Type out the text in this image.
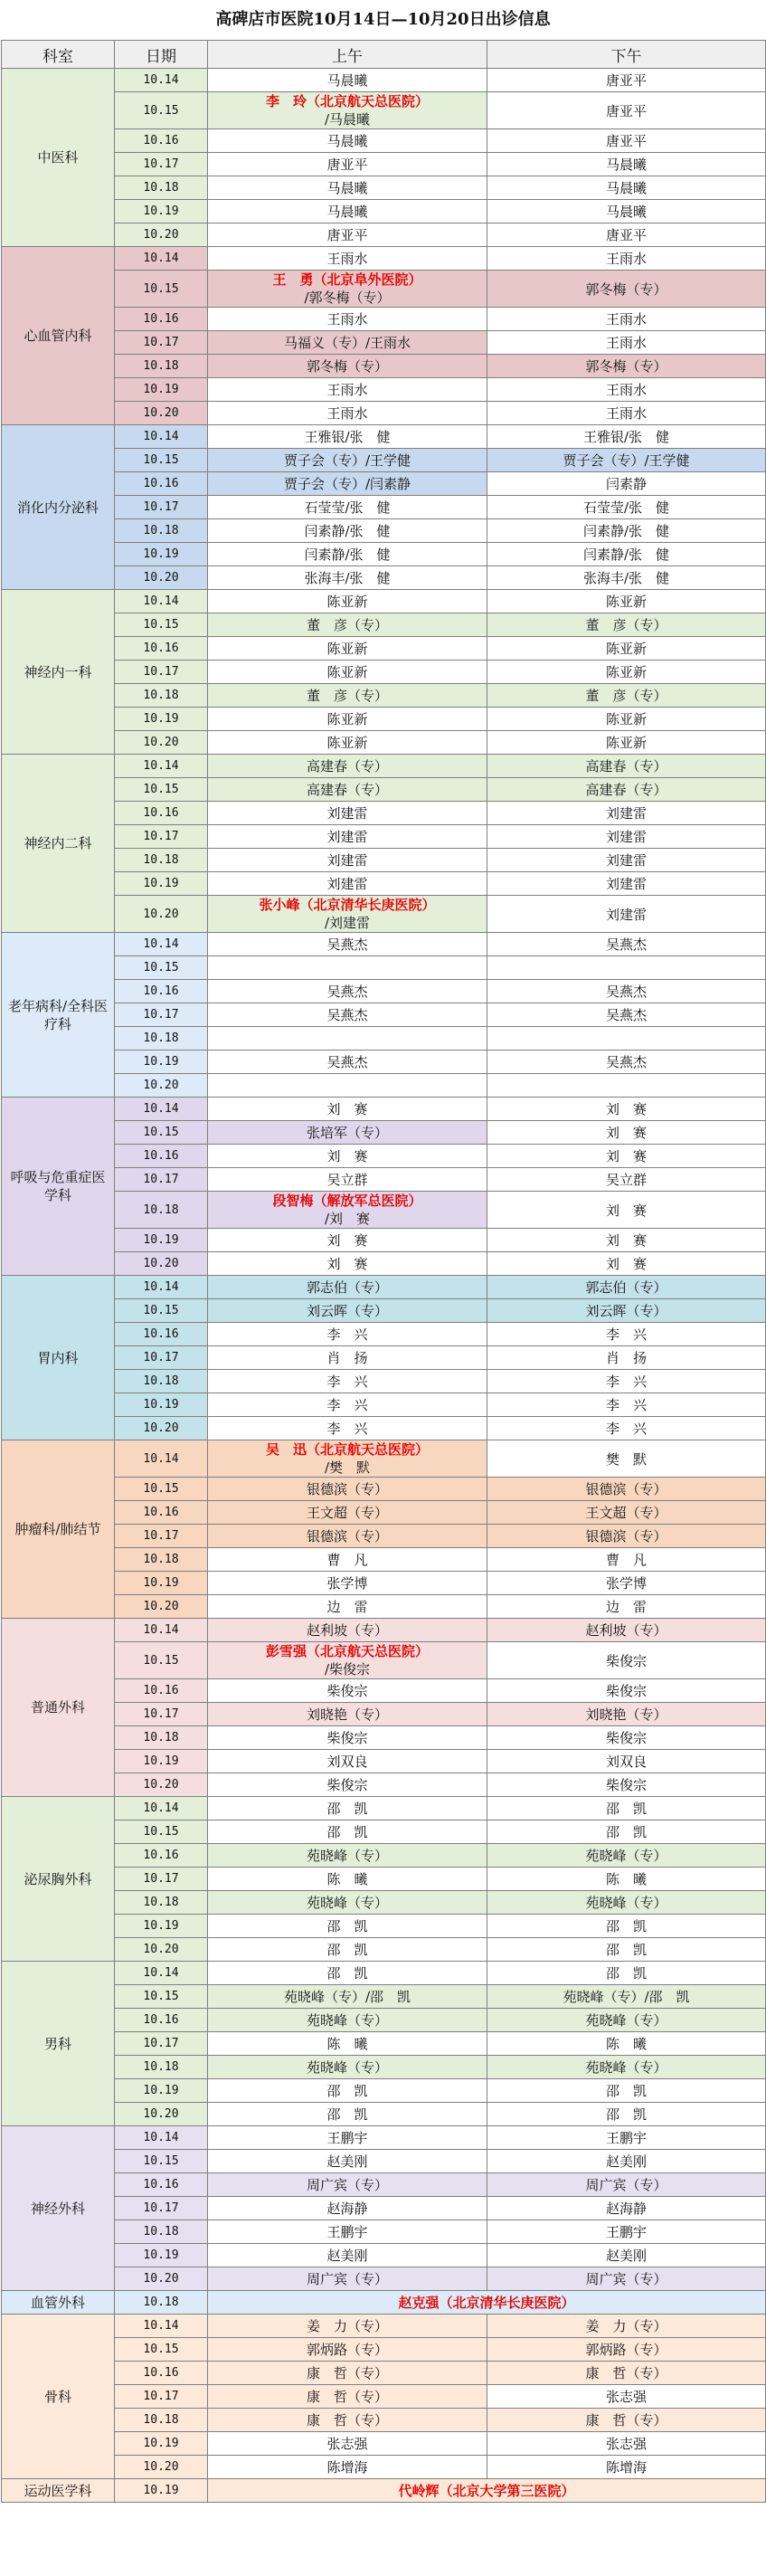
高碑店市医院10月14日—10月20日出诊信息
科室	日期	上午	下午
中医科	10.14	马晨曦	唐亚平
	10.15	李　玲（北京航天总医院）
/马晨曦	唐亚平
	10.16	马晨曦	唐亚平
	10.17	唐亚平	马晨曦
	10.18	马晨曦	马晨曦
	10.19	马晨曦	马晨曦
	10.20	唐亚平	唐亚平
心血管内科	10.14	王雨水	王雨水
	10.15	王　勇（北京阜外医院）
/郭冬梅（专）	郭冬梅（专）
	10.16	王雨水	王雨水
	10.17	马福义（专）/王雨水	王雨水
	10.18	郭冬梅（专）	郭冬梅（专）
	10.19	王雨水	王雨水
	10.20	王雨水	王雨水
消化内分泌科	10.14	王雅银/张　健	王雅银/张　健
	10.15	贾子会（专）/王学健	贾子会（专）/王学健
	10.16	贾子会（专）/闫素静	闫素静
	10.17	石莹莹/张　健	石莹莹/张　健
	10.18	闫素静/张　健	闫素静/张　健
	10.19	闫素静/张　健	闫素静/张　健
	10.20	张海丰/张　健	张海丰/张　健
神经内一科	10.14	陈亚新	陈亚新
	10.15	董　彦（专）	董　彦（专）
	10.16	陈亚新	陈亚新
	10.17	陈亚新	陈亚新
	10.18	董　彦（专）	董　彦（专）
	10.19	陈亚新	陈亚新
	10.20	陈亚新	陈亚新
神经内二科	10.14	高建春（专）	高建春（专）
	10.15	高建春（专）	高建春（专）
	10.16	刘建雷	刘建雷
	10.17	刘建雷	刘建雷
	10.18	刘建雷	刘建雷
	10.19	刘建雷	刘建雷
	10.20	张小峰（北京清华长庚医院）
/刘建雷	刘建雷
老年病科/全科医疗科	10.14	吴燕杰	吴燕杰
	10.15		
	10.16	吴燕杰	吴燕杰
	10.17	吴燕杰	吴燕杰
	10.18		
	10.19	吴燕杰	吴燕杰
	10.20		
呼吸与危重症医学科	10.14	刘　赛	刘　赛
	10.15	张培军（专）	刘　赛
	10.16	刘　赛	刘　赛
	10.17	吴立群	吴立群
	10.18	段智梅（解放军总医院）
/刘　赛	刘　赛
	10.19	刘　赛	刘　赛
	10.20	刘　赛	刘　赛
胃内科	10.14	郭志伯（专）	郭志伯（专）
	10.15	刘云晖（专）	刘云晖（专）
	10.16	李　兴	李　兴
	10.17	肖　扬	肖　扬
	10.18	李　兴	李　兴
	10.19	李　兴	李　兴
	10.20	李　兴	李　兴
肿瘤科/肺结节	10.14	吴　迅（北京航天总医院）
/樊　默	樊　默
	10.15	银德滨（专）	银德滨（专）
	10.16	王文超（专）	王文超（专）
	10.17	银德滨（专）	银德滨（专）
	10.18	曹　凡	曹　凡
	10.19	张学博	张学博
	10.20	边　雷	边　雷
普通外科	10.14	赵利坡（专）	赵利坡（专）
	10.15	彭雪强（北京航天总医院）
/柴俊宗	柴俊宗
	10.16	柴俊宗	柴俊宗
	10.17	刘晓艳（专）	刘晓艳（专）
	10.18	柴俊宗	柴俊宗
	10.19	刘双良	刘双良
	10.20	柴俊宗	柴俊宗
泌尿胸外科	10.14	邵　凯	邵　凯
	10.15	邵　凯	邵　凯
	10.16	苑晓峰（专）	苑晓峰（专）
	10.17	陈　曦	陈　曦
	10.18	苑晓峰（专）	苑晓峰（专）
	10.19	邵　凯	邵　凯
	10.20	邵　凯	邵　凯
男科	10.14	邵　凯	邵　凯
	10.15	苑晓峰（专）/邵　凯	苑晓峰（专）/邵　凯
	10.16	苑晓峰（专）	苑晓峰（专）
	10.17	陈　曦	陈　曦
	10.18	苑晓峰（专）	苑晓峰（专）
	10.19	邵　凯	邵　凯
	10.20	邵　凯	邵　凯
神经外科	10.14	王鹏宇	王鹏宇
	10.15	赵美刚	赵美刚
	10.16	周广宾（专）	周广宾（专）
	10.17	赵海静	赵海静
	10.18	王鹏宇	王鹏宇
	10.19	赵美刚	赵美刚
	10.20	周广宾（专）	周广宾（专）
血管外科	10.18	赵克强（北京清华长庚医院）	
骨科	10.14	姜　力（专）	姜　力（专）
	10.15	郭炳路（专）	郭炳路（专）
	10.16	康　哲（专）	康　哲（专）
	10.17	康　哲（专）	张志强
	10.18	康　哲（专）	康　哲（专）
	10.19	张志强	张志强
	10.20	陈增海	陈增海
运动医学科	10.19	代岭辉（北京大学第三医院）	
